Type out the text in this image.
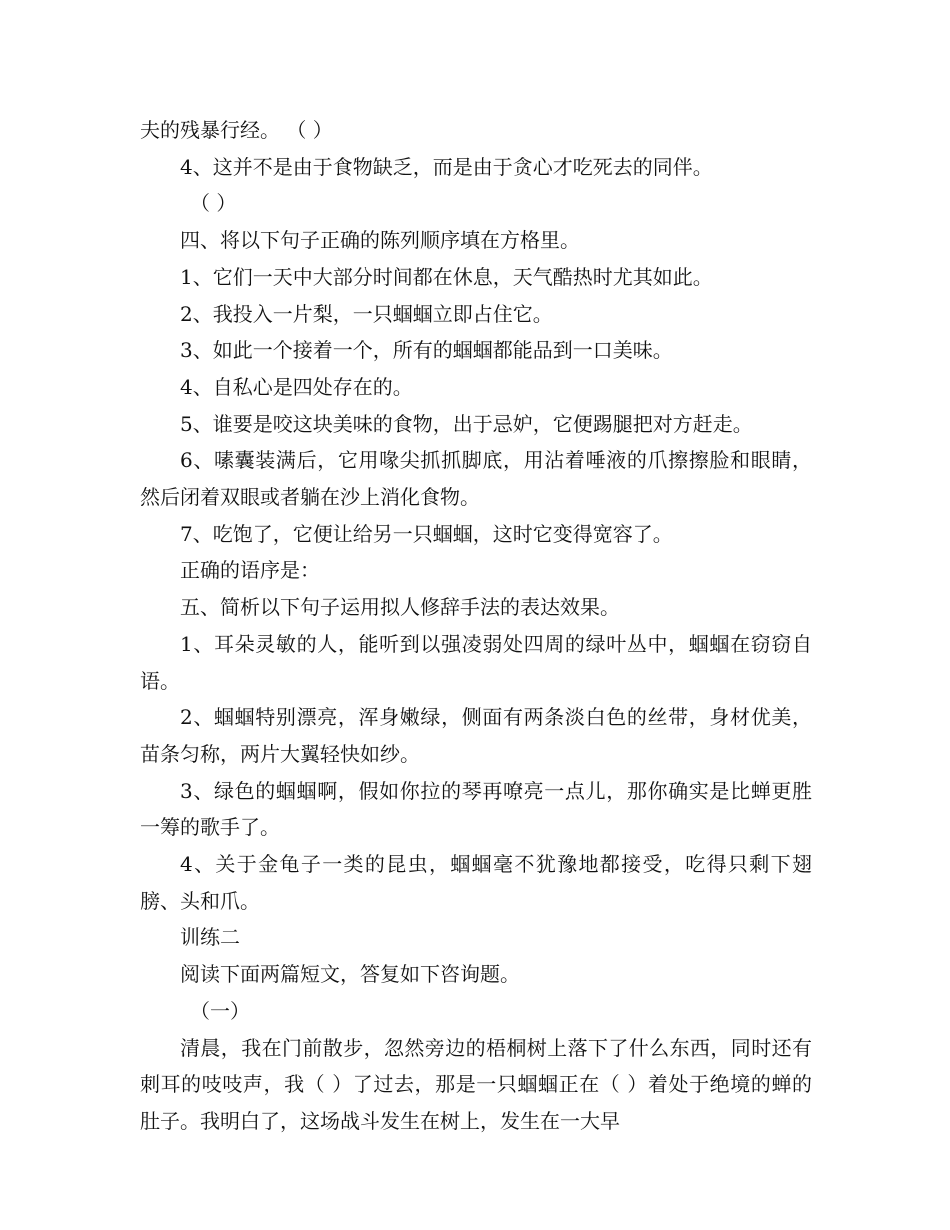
夫的残暴行经。 （ ）

4、这并不是由于食物缺乏，而是由于贪心才吃死去的同伴。

（ ）

四、将以下句子正确的陈列顺序填在方格里。

1、它们一天中大部分时间都在休息，天气酷热时尤其如此。

2、我投入一片梨，一只蝈蝈立即占住它。

3、如此一个接着一个，所有的蝈蝈都能品到一口美味。

4、自私心是四处存在的。

5、谁要是咬这块美味的食物，出于忌妒，它便踢腿把对方赶走。

6、嗉囊装满后，它用喙尖抓抓脚底，用沾着唾液的爪擦擦脸和眼睛，然后闭着双眼或者躺在沙上消化食物。

7、吃饱了，它便让给另一只蝈蝈，这时它变得宽容了。

正确的语序是：

五、简析以下句子运用拟人修辞手法的表达效果。

1、耳朵灵敏的人，能听到以强凌弱处四周的绿叶丛中，蝈蝈在窃窃自语。

2、蝈蝈特别漂亮，浑身嫩绿，侧面有两条淡白色的丝带，身材优美，苗条匀称，两片大翼轻快如纱。

3、绿色的蝈蝈啊，假如你拉的琴再嘹亮一点儿，那你确实是比蝉更胜一筹的歌手了。

4、关于金龟子一类的昆虫，蝈蝈毫不犹豫地都接受，吃得只剩下翅膀、头和爪。

训练二

阅读下面两篇短文，答复如下咨询题。

（一）

清晨，我在门前散步，忽然旁边的梧桐树上落下了什么东西，同时还有刺耳的吱吱声，我（ ）了过去，那是一只蝈蝈正在（ ）着处于绝境的蝉的肚子。我明白了，这场战斗发生在树上，发生在一大早
